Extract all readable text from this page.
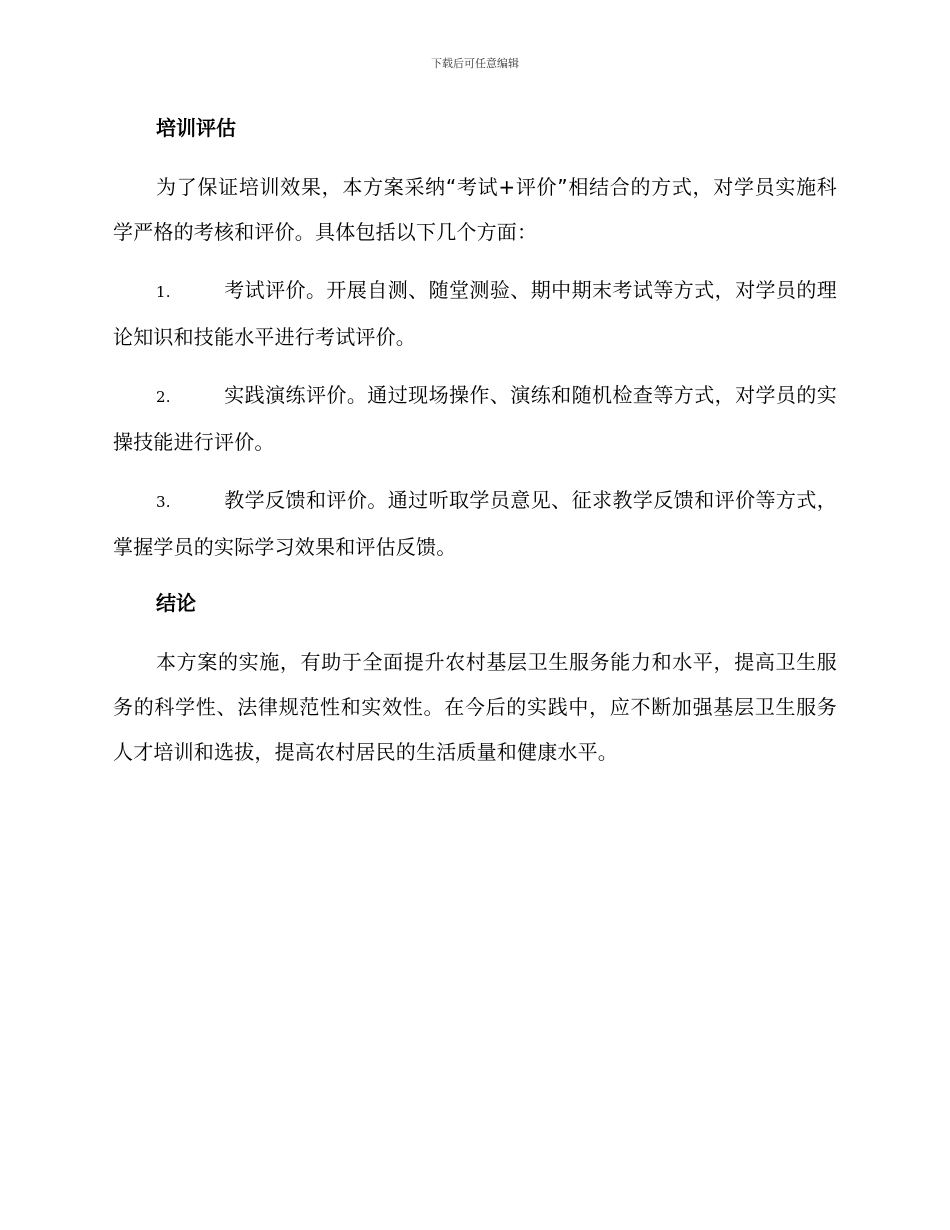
下载后可任意编辑
培训评估

为了保证培训效果，本方案采纳“考试+评价”相结合的方式，对学员实施科学严格的考核和评价。具体包括以下几个方面：

1.	考试评价。开展自测、随堂测验、期中期末考试等方式，对学员的理论知识和技能水平进行考试评价。

2.	实践演练评价。通过现场操作、演练和随机检查等方式，对学员的实操技能进行评价。

3.	教学反馈和评价。通过听取学员意见、征求教学反馈和评价等方式，掌握学员的实际学习效果和评估反馈。

结论

本方案的实施，有助于全面提升农村基层卫生服务能力和水平，提高卫生服务的科学性、法律规范性和实效性。在今后的实践中，应不断加强基层卫生服务人才培训和选拔，提高农村居民的生活质量和健康水平。
